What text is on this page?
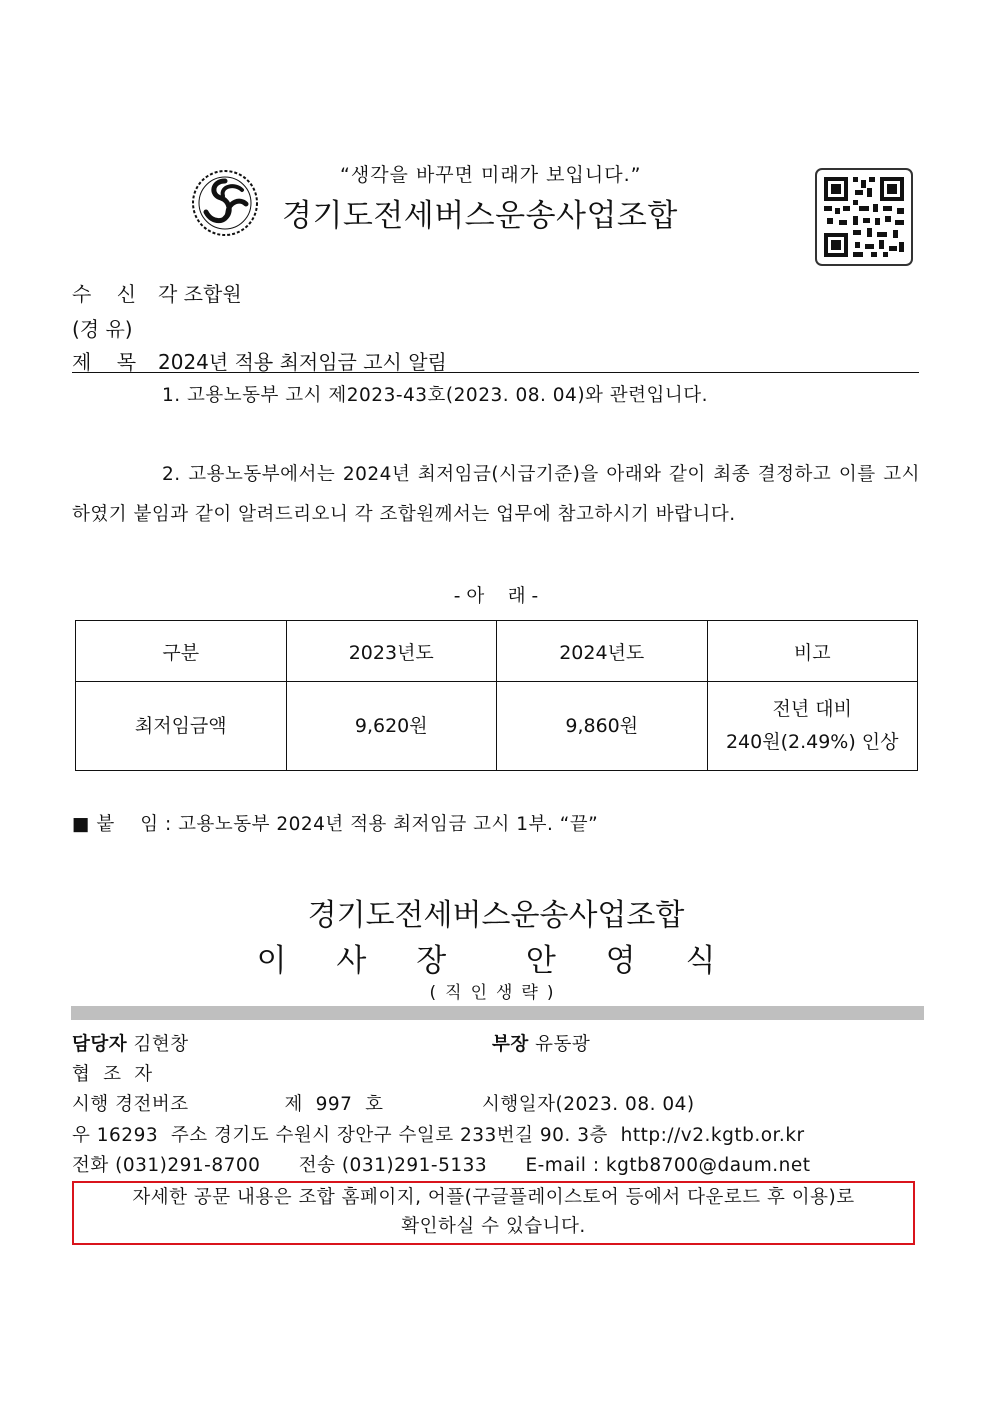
“생각을 바꾸면 미래가 보입니다.”
경기도전세버스운송사업조합
수    신 각 조합원
(경 유)
제    목 2024년 적용 최저임금 고시 알림
1. 고용노동부 고시 제2023-43호(2023. 08. 04)와 관련입니다.
2. 고용노동부에서는 2024년 최저임금(시급기준)을 아래와 같이 최종 결정하고 이를 고시하였기 붙임과 같이 알려드리오니 각 조합원께서는 업무에 참고하시기 바랍니다.
- 아    래 -
구분	2023년도	2024년도	비고
최저임금액	9,620원	9,860원	전년 대비
240원(2.49%) 인상
■ 붙    임 : 고용노동부 2024년 적용 최저임금 고시 1부. “끝”
경기도전세버스운송사업조합
이 사 장  안 영 식
(직인생략)
담당자 김현창	부장 유동광
협  조  자
시행 경전버조	제  997  호	시행일자(2023. 08. 04)
우 16293  주소 경기도 수원시 장안구 수일로 233번길 90. 3층  http://v2.kgtb.or.kr
전화 (031)291-8700      전송 (031)291-5133      E-mail : kgtb8700@daum.net
자세한 공문 내용은 조합 홈페이지, 어플(구글플레이스토어 등에서 다운로드 후 이용)로
확인하실 수 있습니다.
